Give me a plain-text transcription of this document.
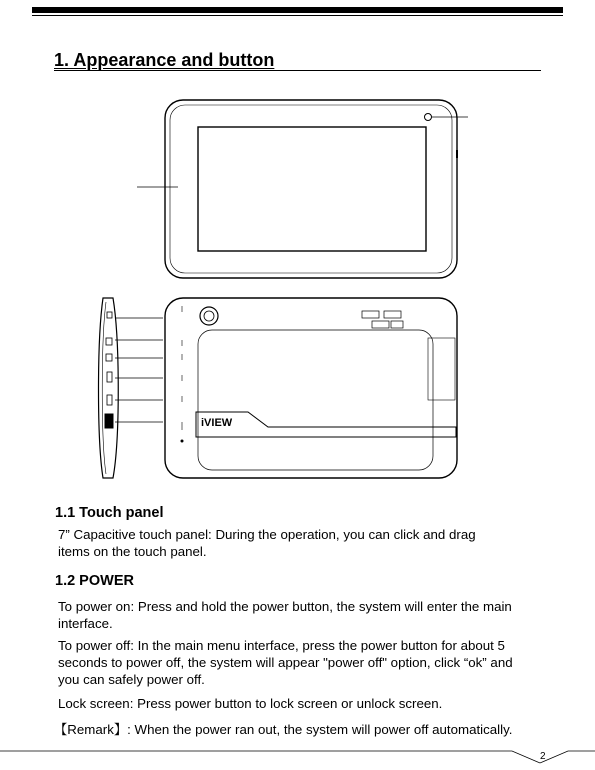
1. Appearance and button
iVIEW
1.1 Touch panel
7” Capacitive touch panel: During the operation, you can click and drag
items on the touch panel.
1.2 POWER
To power on: Press and hold the power button, the system will enter the main
interface.
To power off: In the main menu interface, press the power button for about 5
seconds to power off, the system will appear "power off" option, click “ok” and
you can safely power off.
Lock screen: Press power button to lock screen or unlock screen.
【Remark】: When the power ran out, the system will power off automatically.
2
